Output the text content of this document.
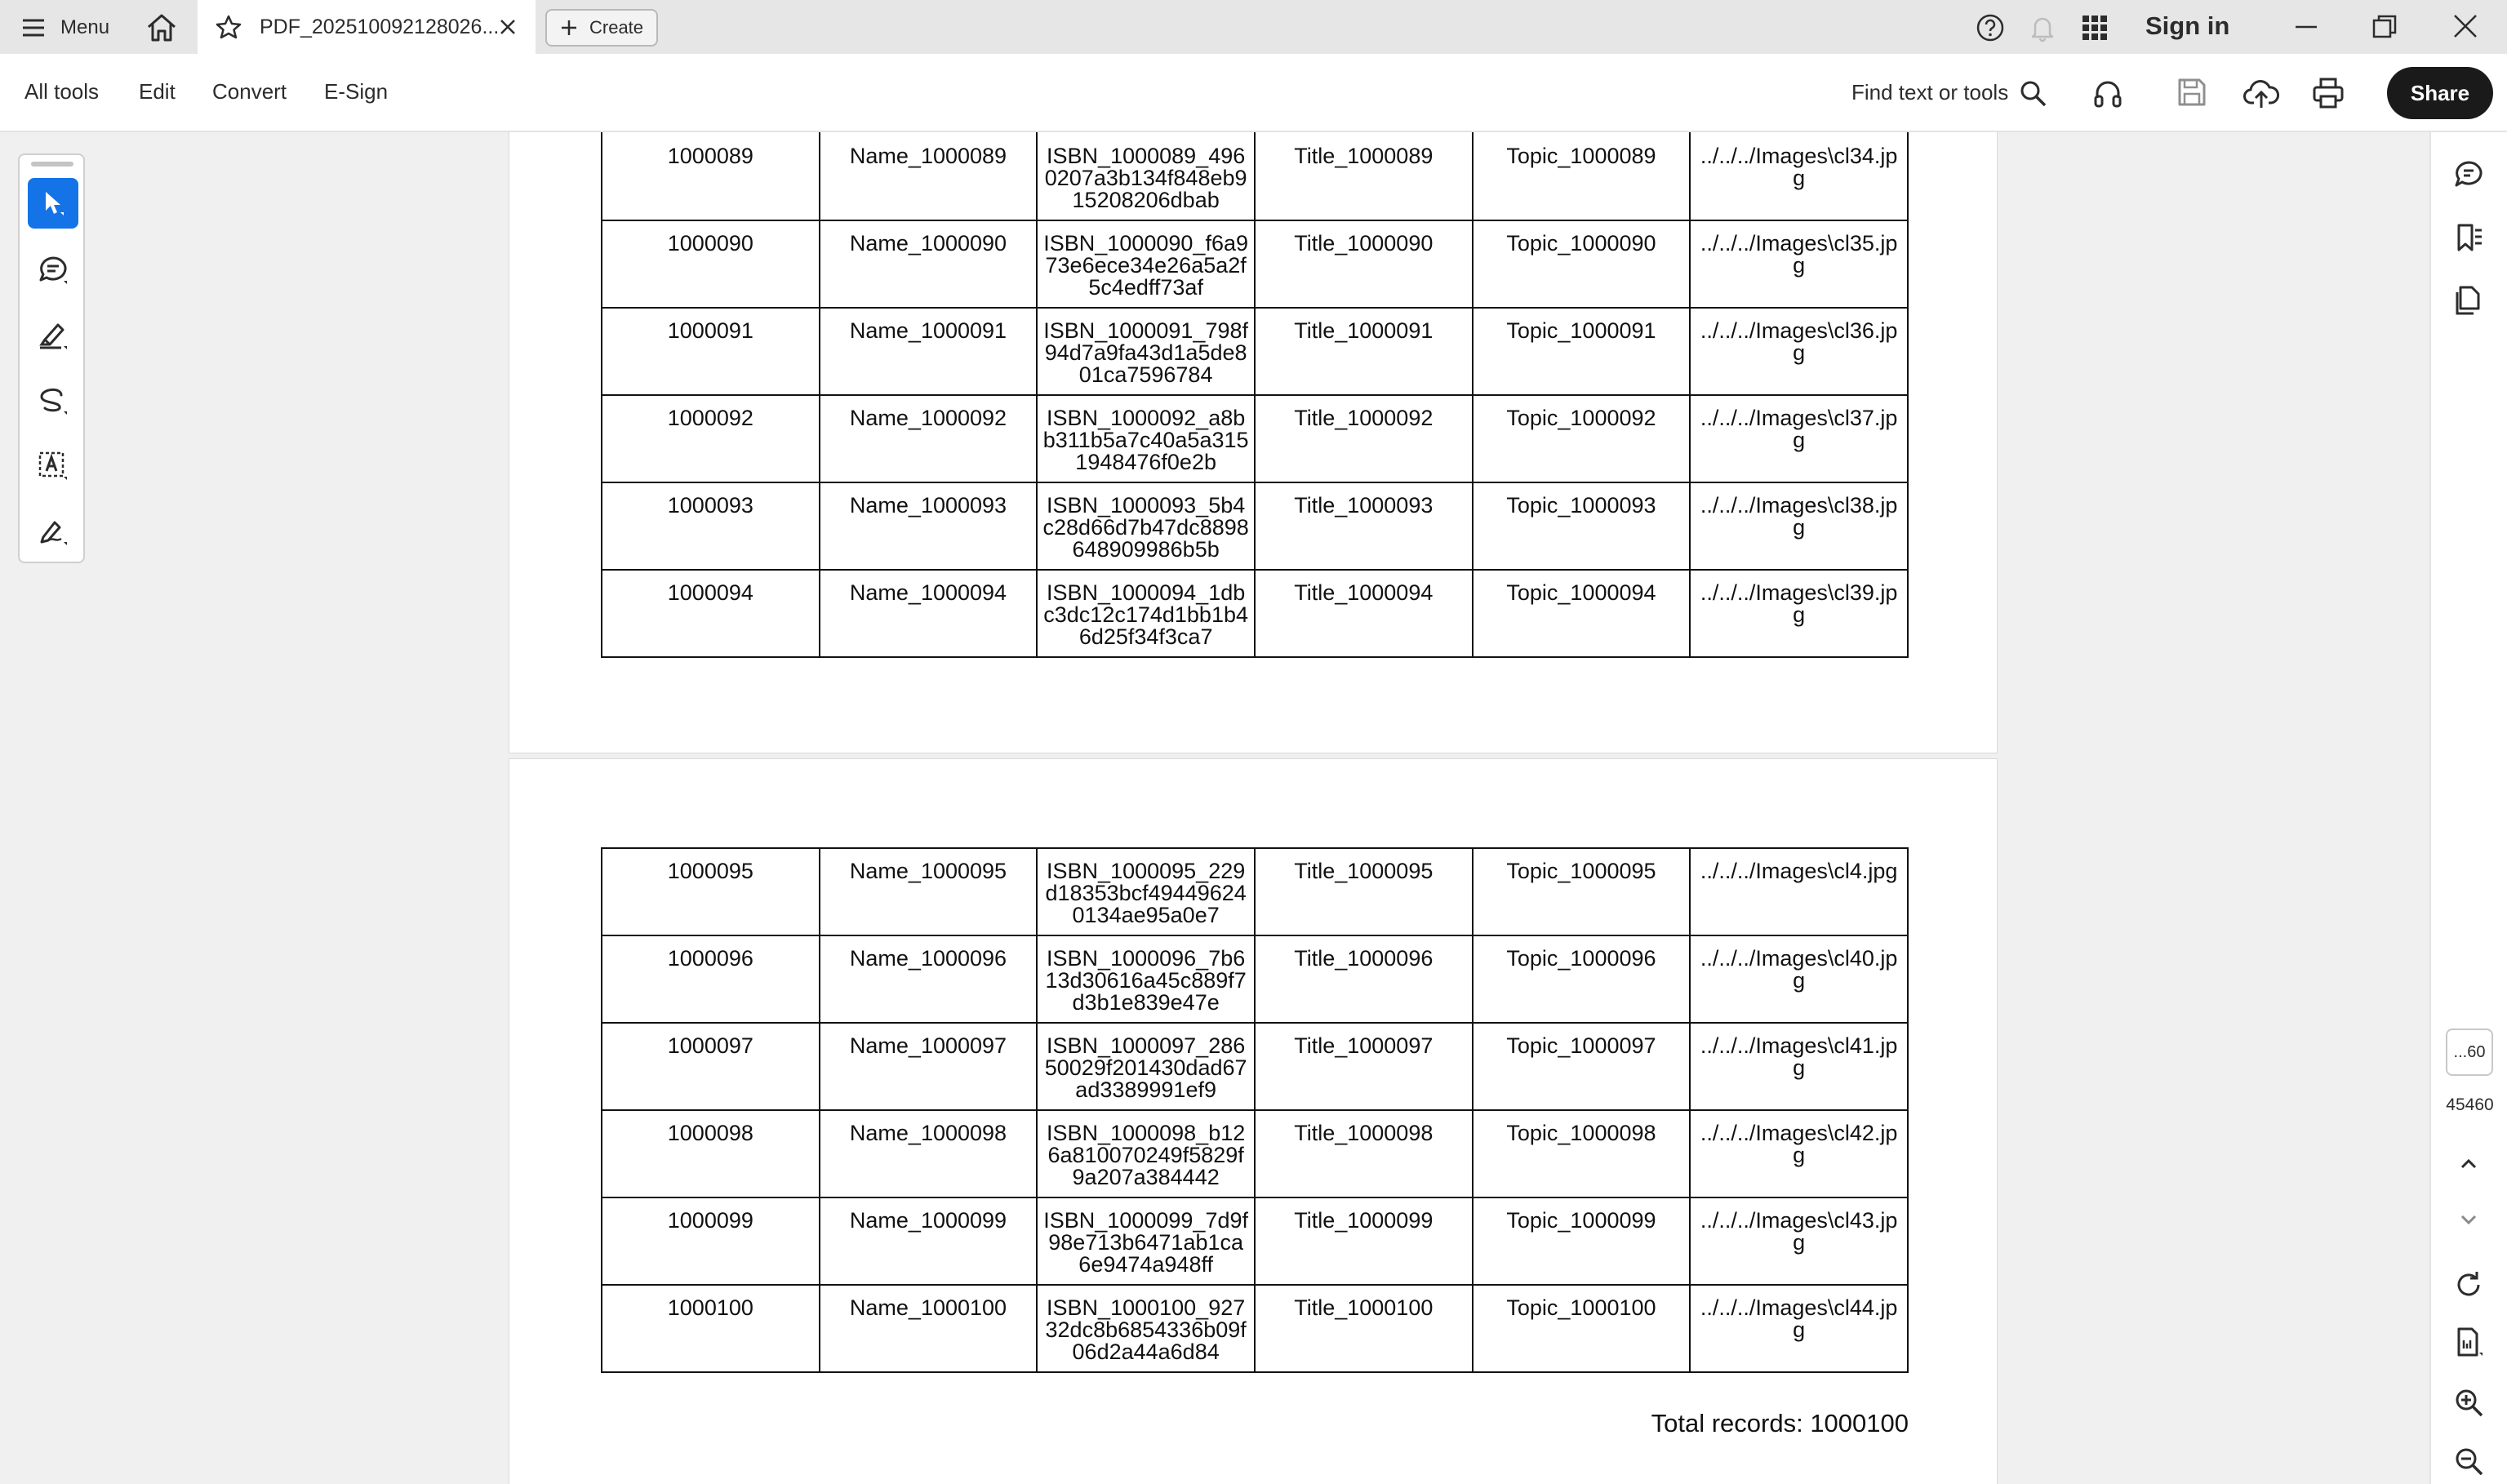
Menu	PDF_202510092128026...	Create	Sign in
All tools Edit Convert E-Sign	Find text or tools	Share
1000089	Name_1000089	ISBN_1000089_4960207a3b134f848eb915208206dbab	Title_1000089	Topic_1000089	../../../Images\cl34.jpg
1000090	Name_1000090	ISBN_1000090_f6a973e6ece34e26a5a2f5c4edff73af	Title_1000090	Topic_1000090	../../../Images\cl35.jpg
1000091	Name_1000091	ISBN_1000091_798f94d7a9fa43d1a5de801ca7596784	Title_1000091	Topic_1000091	../../../Images\cl36.jpg
1000092	Name_1000092	ISBN_1000092_a8bb311b5a7c40a5a3151948476f0e2b	Title_1000092	Topic_1000092	../../../Images\cl37.jpg
1000093	Name_1000093	ISBN_1000093_5b4c28d66d7b47dc8898648909986b5b	Title_1000093	Topic_1000093	../../../Images\cl38.jpg
1000094	Name_1000094	ISBN_1000094_1dbc3dc12c174d1bb1b46d25f34f3ca7	Title_1000094	Topic_1000094	../../../Images\cl39.jpg
1000095	Name_1000095	ISBN_1000095_229d18353bcf494496240134ae95a0e7	Title_1000095	Topic_1000095	../../../Images\cl4.jpg
1000096	Name_1000096	ISBN_1000096_7b613d30616a45c889f7d3b1e839e47e	Title_1000096	Topic_1000096	../../../Images\cl40.jpg
1000097	Name_1000097	ISBN_1000097_28650029f201430dad67ad3389991ef9	Title_1000097	Topic_1000097	../../../Images\cl41.jpg
1000098	Name_1000098	ISBN_1000098_b126a810070249f5829f9a207a384442	Title_1000098	Topic_1000098	../../../Images\cl42.jpg
1000099	Name_1000099	ISBN_1000099_7d9f98e713b6471ab1ca6e9474a948ff	Title_1000099	Topic_1000099	../../../Images\cl43.jpg
1000100	Name_1000100	ISBN_1000100_92732dc8b6854336b09f06d2a44a6d84	Title_1000100	Topic_1000100	../../../Images\cl44.jpg
Total records: 1000100
...60
45460
